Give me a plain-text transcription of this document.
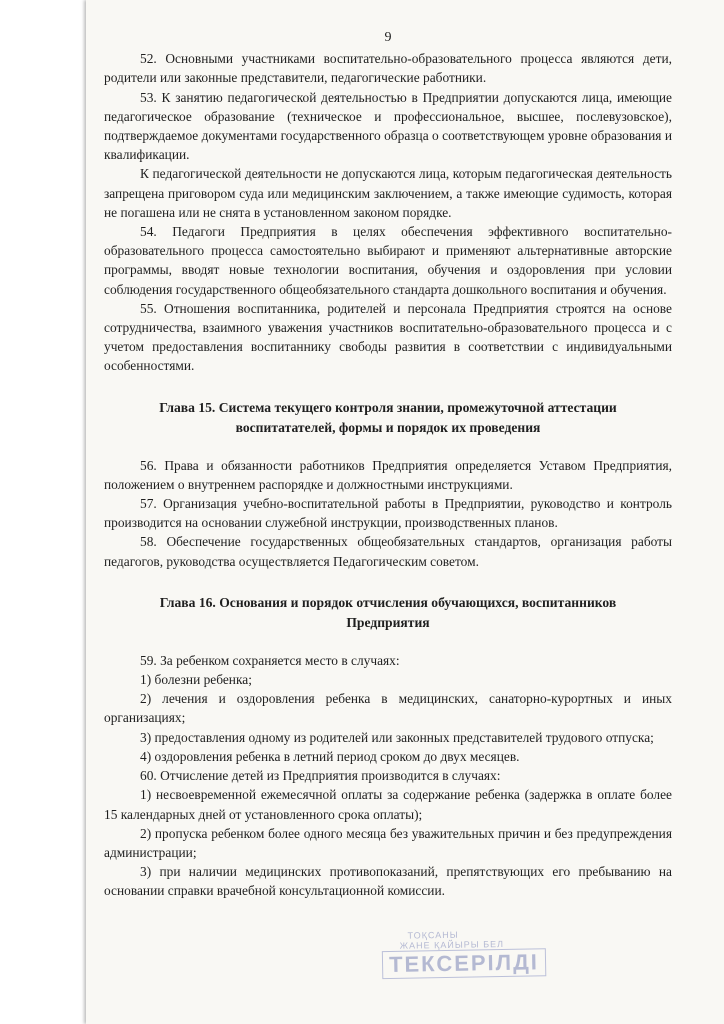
9

52. Основными участниками воспитательно-образовательного процесса являются дети, родители или законные представители, педагогические работники.

53. К занятию педагогической деятельностью в Предприятии допускаются лица, имеющие педагогическое образование (техническое и профессиональное, высшее, послевузовское), подтверждаемое документами государственного образца о соответствующем уровне образования и квалификации.

К педагогической деятельности не допускаются лица, которым педагогическая деятельность запрещена приговором суда или медицинским заключением, а также имеющие судимость, которая не погашена или не снята в установленном законом порядке.

54. Педагоги Предприятия в целях обеспечения эффективного воспитательно-образовательного процесса самостоятельно выбирают и применяют альтернативные авторские программы, вводят новые технологии воспитания, обучения и оздоровления при условии соблюдения государственного общеобязательного стандарта дошкольного воспитания и обучения.

55. Отношения воспитанника, родителей и персонала Предприятия строятся на основе сотрудничества, взаимного уважения участников воспитательно-образовательного процесса и с учетом предоставления воспитаннику свободы развития в соответствии с индивидуальными особенностями.

Глава 15. Система текущего контроля знании, промежуточной аттестации
воспитатателей, формы и порядок их проведения

56. Права и обязанности работников Предприятия определяется Уставом Предприятия, положением о внутреннем распорядке и должностными инструкциями.

57. Организация учебно-воспитательной работы в Предприятии, руководство и контроль производится на основании служебной инструкции, производственных планов.

58. Обеспечение государственных общеобязательных стандартов, организация работы педагогов, руководства осуществляется Педагогическим советом.

Глава 16. Основания и порядок отчисления обучающихся, воспитанников
Предприятия

59. За ребенком сохраняется место в случаях:

1) болезни ребенка;

2) лечения и оздоровления ребенка в медицинских, санаторно-курортных и иных организациях;

3) предоставления одному из родителей или законных представителей трудового отпуска;

4) оздоровления ребенка в летний период сроком до двух месяцев.

60. Отчисление детей из Предприятия производится в случаях:

1) несвоевременной ежемесячной оплаты за содержание ребенка (задержка в оплате более 15 календарных дней от установленного срока оплаты);

2) пропуска ребенком более одного месяца без уважительных причин и без предупреждения администрации;

3) при наличии медицинских противопоказаний, препятствующих его пребыванию на основании справки врачебной консультационной комиссии.

ТОҚСАНЫ
ЖАНЕ ҚАЙЫРЫ БЕЛ
ТЕКСЕРІЛДІ
